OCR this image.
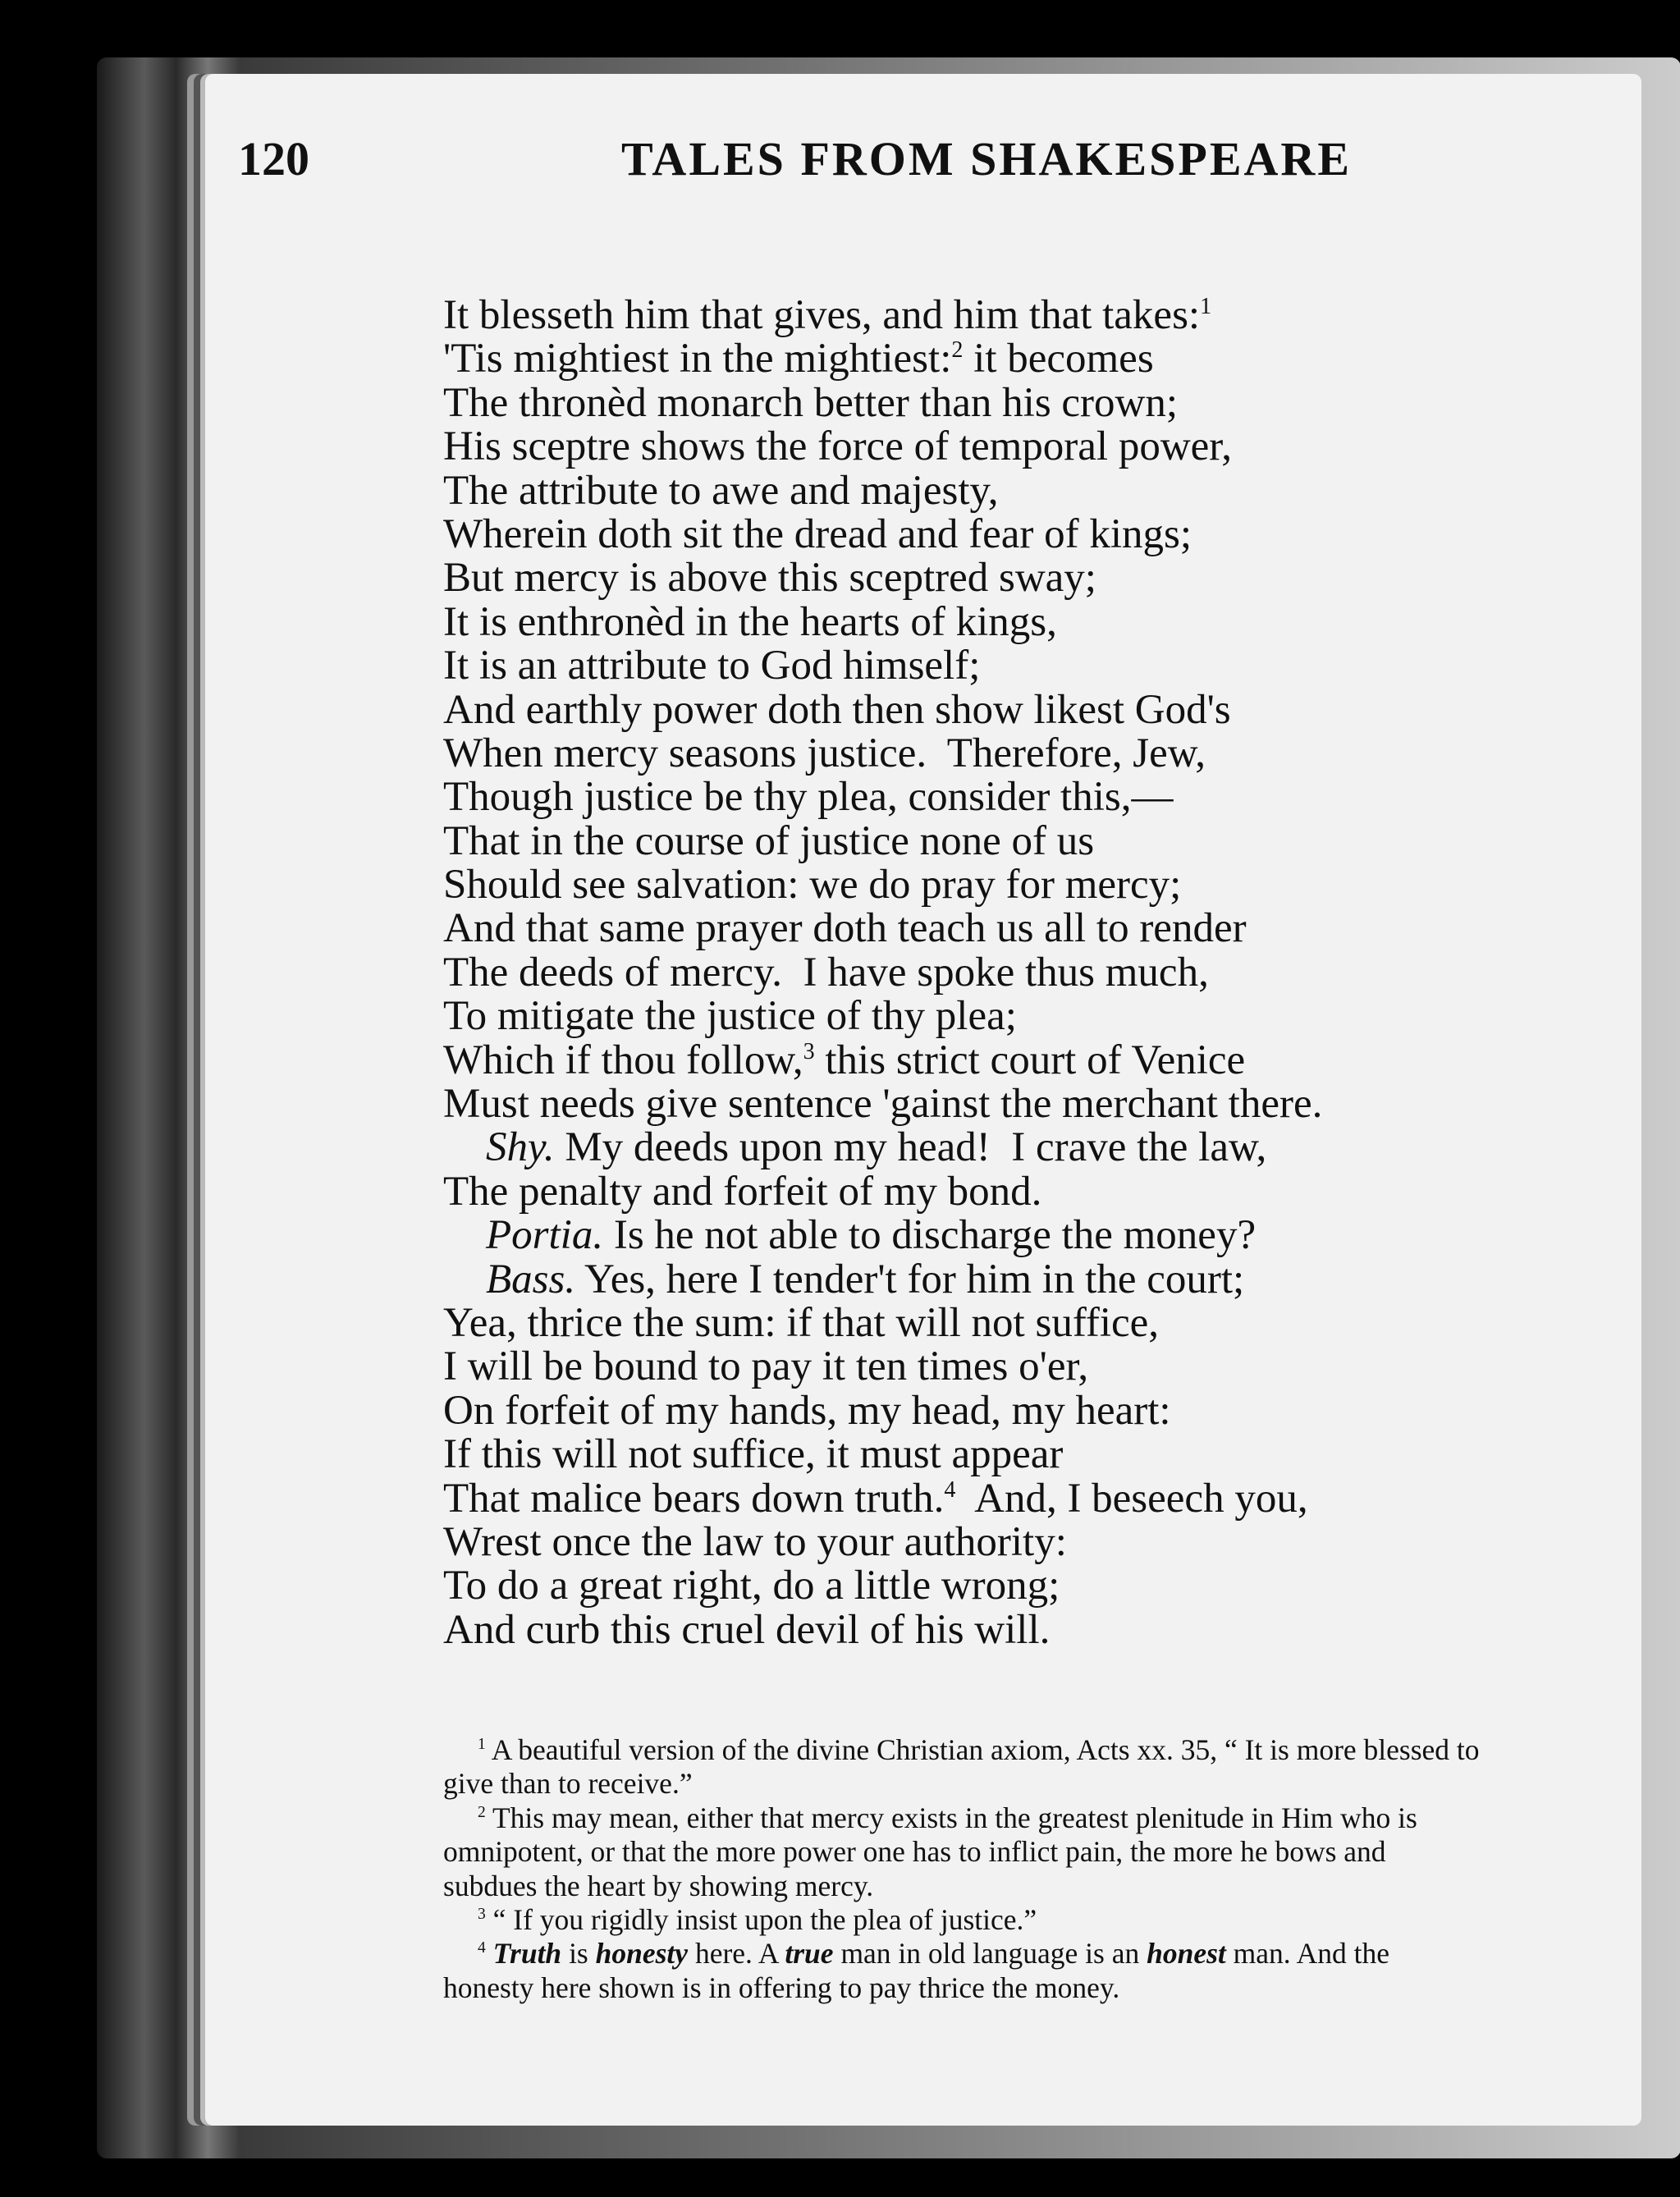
120	TALES FROM SHAKESPEARE
It blesseth him that gives, and him that takes:$^1$
'Tis mightiest in the mightiest:$^2$ it becomes
The thronèd monarch better than his crown;
His sceptre shows the force of temporal power,
The attribute to awe and majesty,
Wherein doth sit the dread and fear of kings;
But mercy is above this sceptred sway;
It is enthronèd in the hearts of kings,
It is an attribute to God himself;
And earthly power doth then show likest God's
When mercy seasons justice.  Therefore, Jew,
Though justice be thy plea, consider this,—
That in the course of justice none of us
Should see salvation: we do pray for mercy;
And that same prayer doth teach us all to render
The deeds of mercy.  I have spoke thus much,
To mitigate the justice of thy plea;
Which if thou follow,$^3$ this strict court of Venice
Must needs give sentence 'gainst the merchant there.
Shy. My deeds upon my head!  I crave the law,
The penalty and forfeit of my bond.
Portia. Is he not able to discharge the money?
Bass. Yes, here I tender't for him in the court;
Yea, thrice the sum: if that will not suffice,
I will be bound to pay it ten times o'er,
On forfeit of my hands, my head, my heart:
If this will not suffice, it must appear
That malice bears down truth.$^4$  And, I beseech you,
Wrest once the law to your authority:
To do a great right, do a little wrong;
And curb this cruel devil of his will.
$^1$ A beautiful version of the divine Christian axiom, Acts xx. 35, “ It is more blessed to give than to receive.”
$^2$ This may mean, either that mercy exists in the greatest plenitude in Him who is omnipotent, or that the more power one has to inflict pain, the more he bows and subdues the heart by showing mercy.
$^3$ “ If you rigidly insist upon the plea of justice.”
$^4$ Truth is honesty here. A true man in old language is an honest man. And the honesty here shown is in offering to pay thrice the money.
